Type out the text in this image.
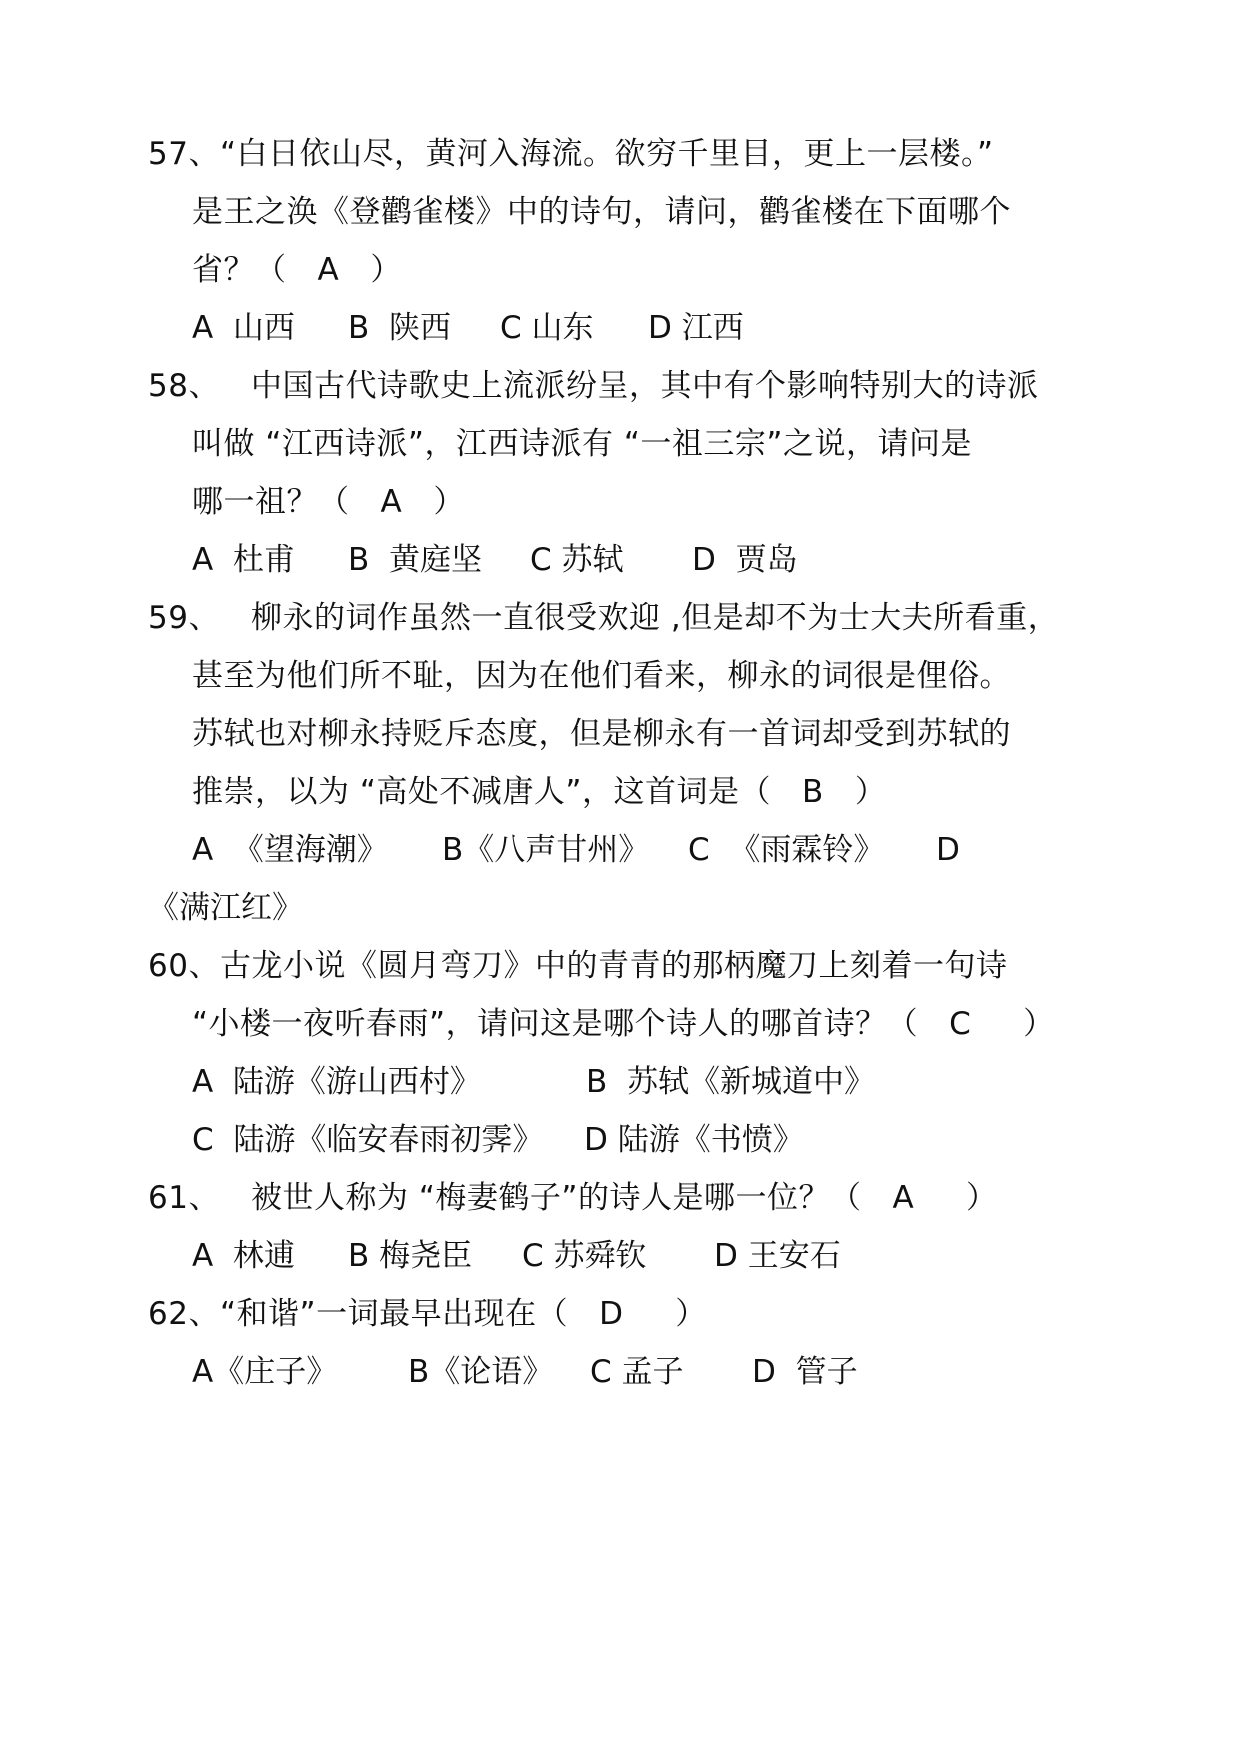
57、“白日依山尽，黄河入海流。欲穷千里目，更上一层楼。”
是王之涣《登鹳雀楼》中的诗句，请问，鹳雀楼在下面哪个
省？（   A   ）
A  山西 B  陕西 C 山东 D 江西
58、   中国古代诗歌史上流派纷呈，其中有个影响特别大的诗派
叫做 “江西诗派”，江西诗派有 “一祖三宗”之说，请问是
哪一祖？（   A   ）
A  杜甫 B  黄庭坚 C 苏轼 D  贾岛
59、   柳永的词作虽然一直很受欢迎 ,但是却不为士大夫所看重，
甚至为他们所不耻，因为在他们看来，柳永的词很是俚俗。
苏轼也对柳永持贬斥态度，但是柳永有一首词却受到苏轼的
推崇，以为 “高处不减唐人”，这首词是（   B   ）
A  《望海潮》 B《八声甘州》 C  《雨霖铃》 D
《满江红》
60、古龙小说《圆月弯刀》中的青青的那柄魔刀上刻着一句诗
“小楼一夜听春雨”，请问这是哪个诗人的哪首诗？（   C     ）
A  陆游《游山西村》	B  苏轼《新城道中》
C  陆游《临安春雨初霁》 D 陆游《书愤》
61、   被世人称为 “梅妻鹤子”的诗人是哪一位？（   A     ）
A  林逋 B 梅尧臣 C 苏舜钦 D 王安石
62、“和谐”一词最早出现在（   D     ）
A《庄子》 B《论语》 C 孟子 D  管子
